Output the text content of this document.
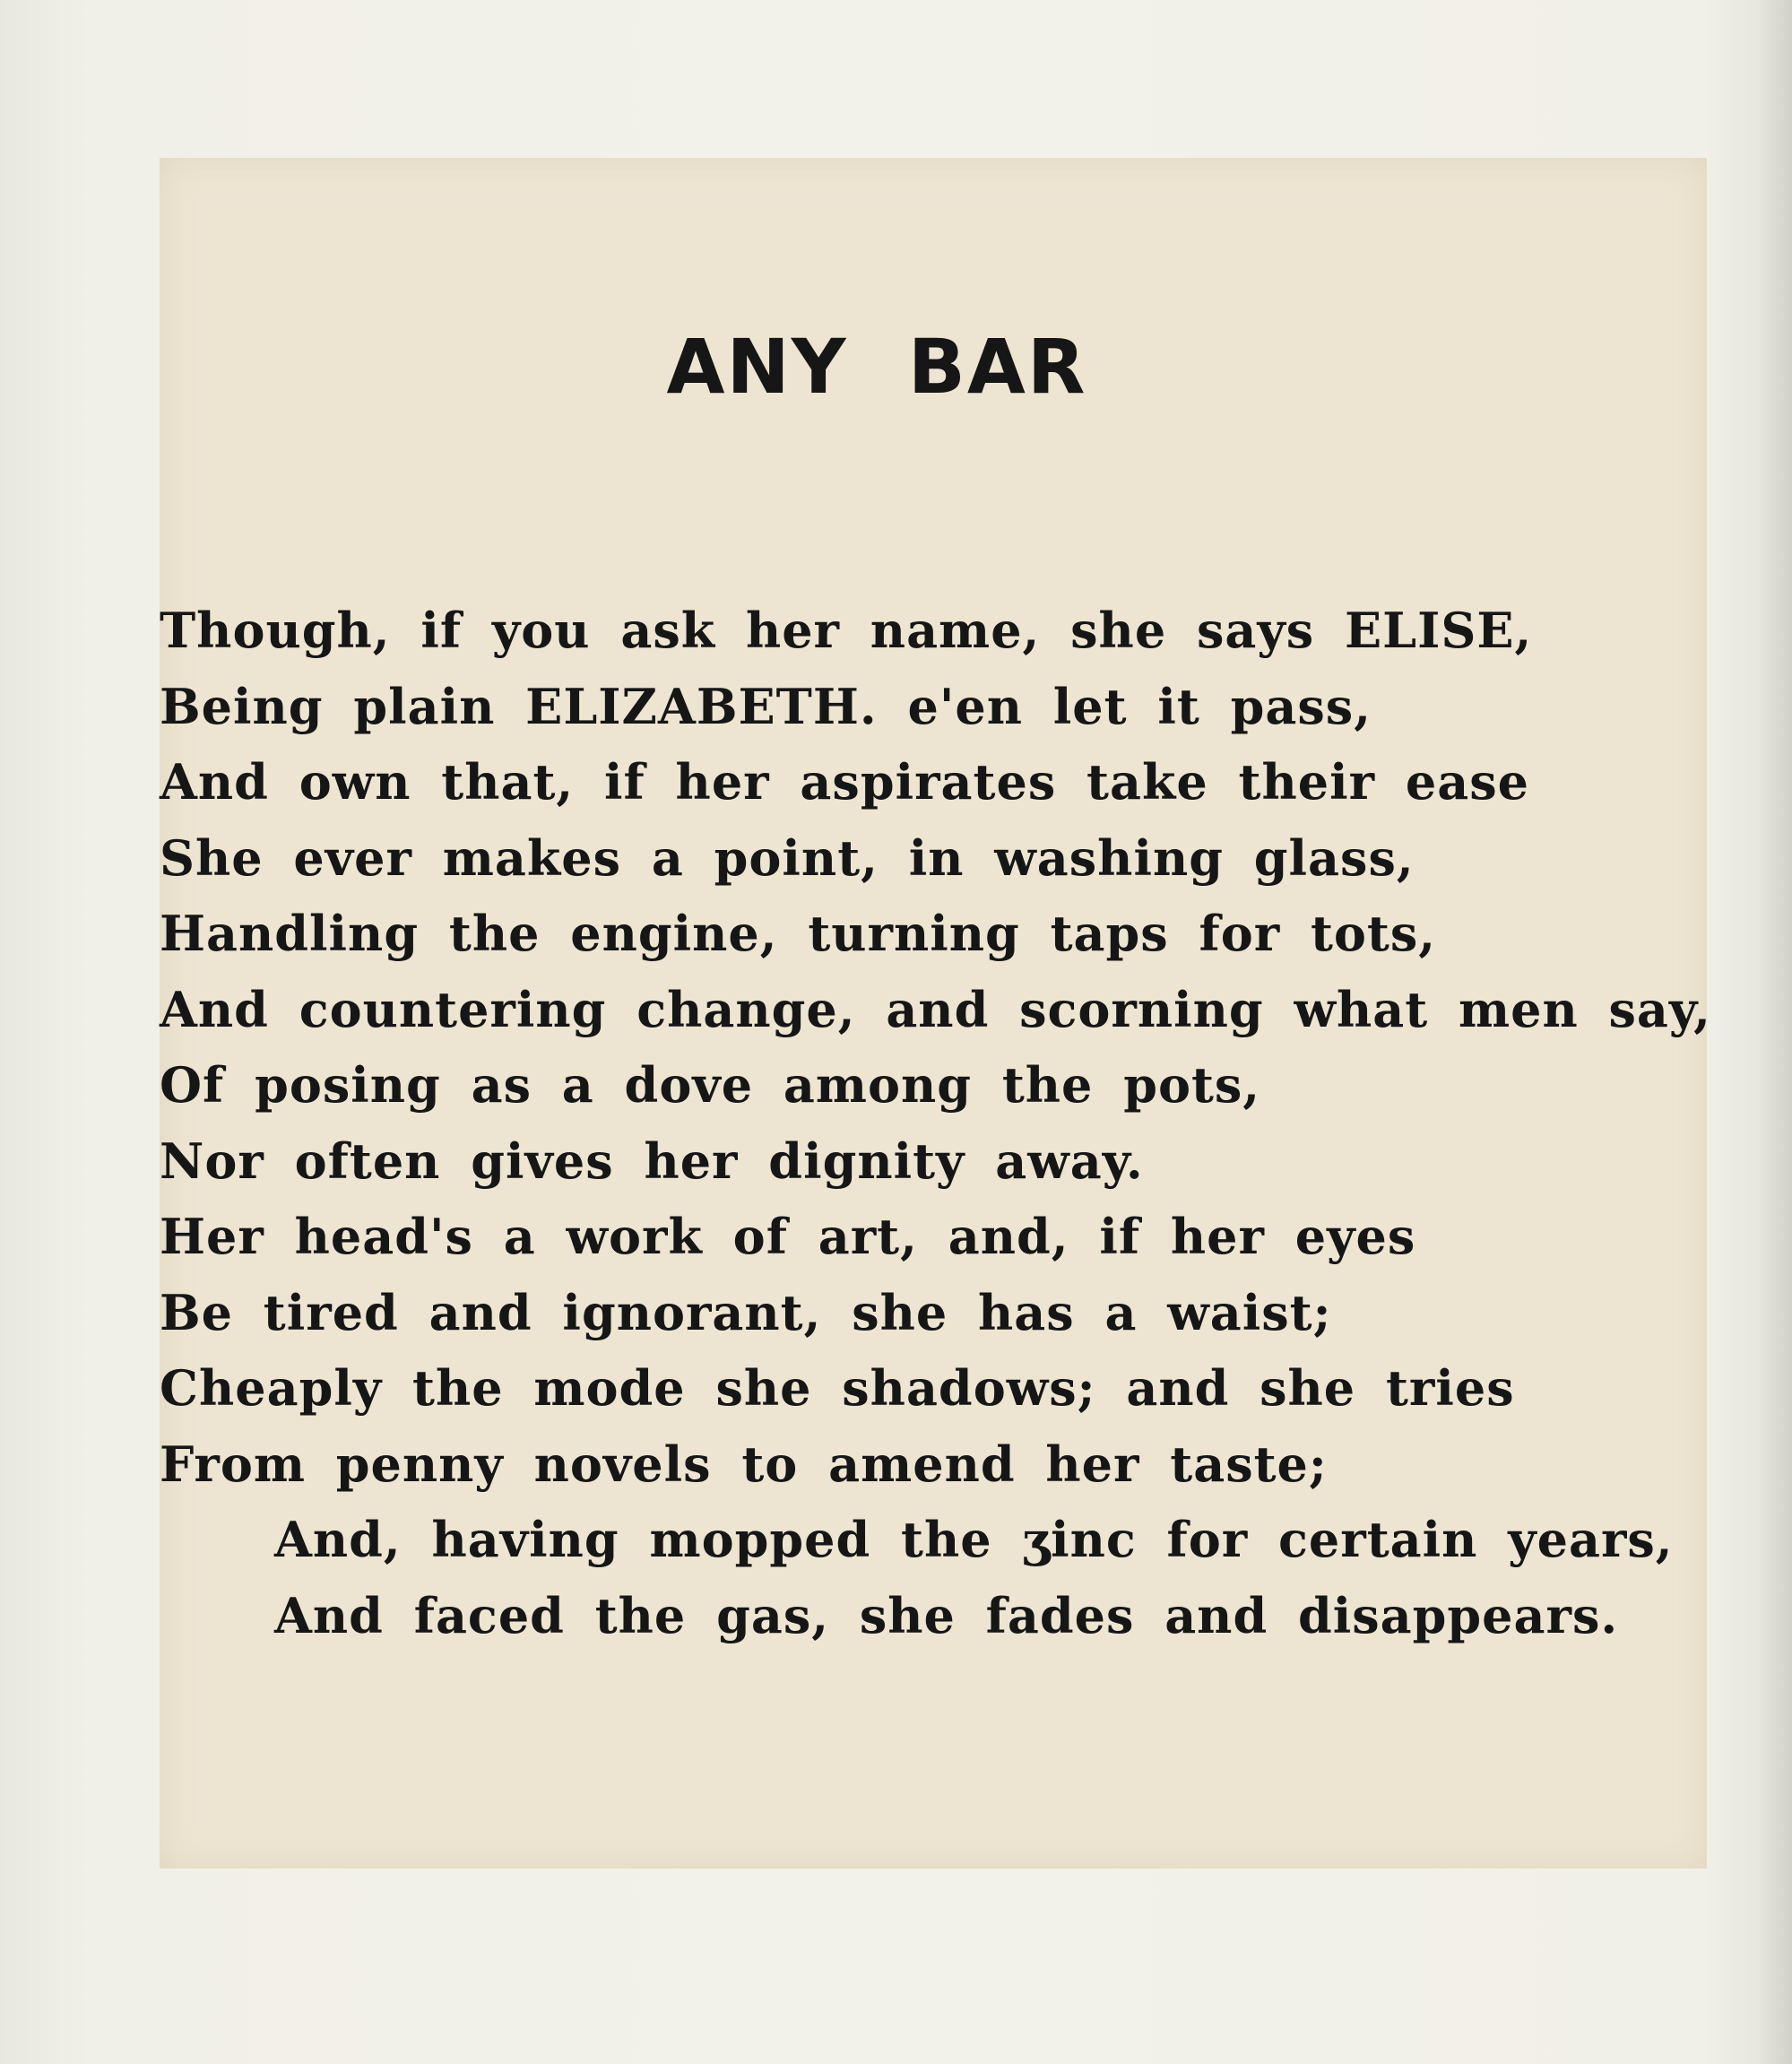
ANY BAR
Though, if you ask her name, she says ELISE,
Being plain ELIZABETH. e'en let it pass,
And own that, if her aspirates take their ease
She ever makes a point, in washing glass,
Handling the engine, turning taps for tots,
And countering change, and scorning what men say,
Of posing as a dove among the pots,
Nor often gives her dignity away.
Her head's a work of art, and, if her eyes
Be tired and ignorant, she has a waist;
Cheaply the mode she shadows; and she tries
From penny novels to amend her taste;
And, having mopped the ʒinc for certain years,
And faced the gas, she fades and disappears.
